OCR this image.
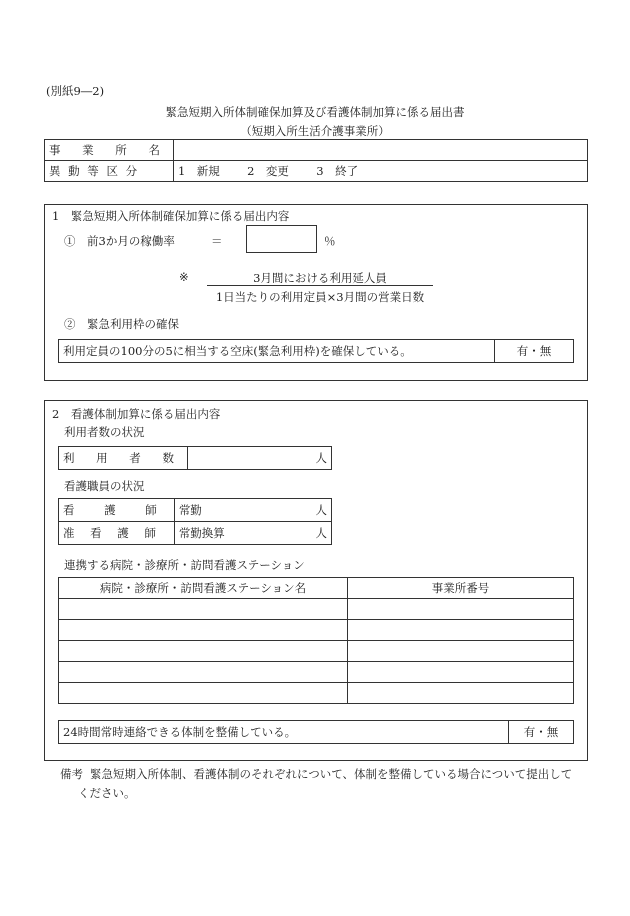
(別紙9―2)
緊急短期入所体制確保加算及び看護体制加算に係る届出書
（短期入所生活介護事業所）
事 業 所 名	
異 動 等 区 分	1　新規 2　変更 3　終了
1　緊急短期入所体制確保加算に係る届出内容
①　前3か月の稼働率	＝	％
※	3月間における利用延人員
1日当たりの利用定員×3月間の営業日数
②　緊急利用枠の確保
利用定員の100分の5に相当する空床(緊急利用枠)を確保している。	有・無
2　看護体制加算に係る届出内容
利用者数の状況
利 用 者 数	人
看護職員の状況
看 護 師	常勤 人

准 看 護 師	常勤換算 人
連携する病院・診療所・訪問看護ステーション
病院・診療所・訪問看護ステーション名	事業所番号

24時間常時連絡できる体制を整備している。	有・無
備考 緊急短期入所体制、看護体制のそれぞれについて、体制を整備している場合について提出して
ください。
